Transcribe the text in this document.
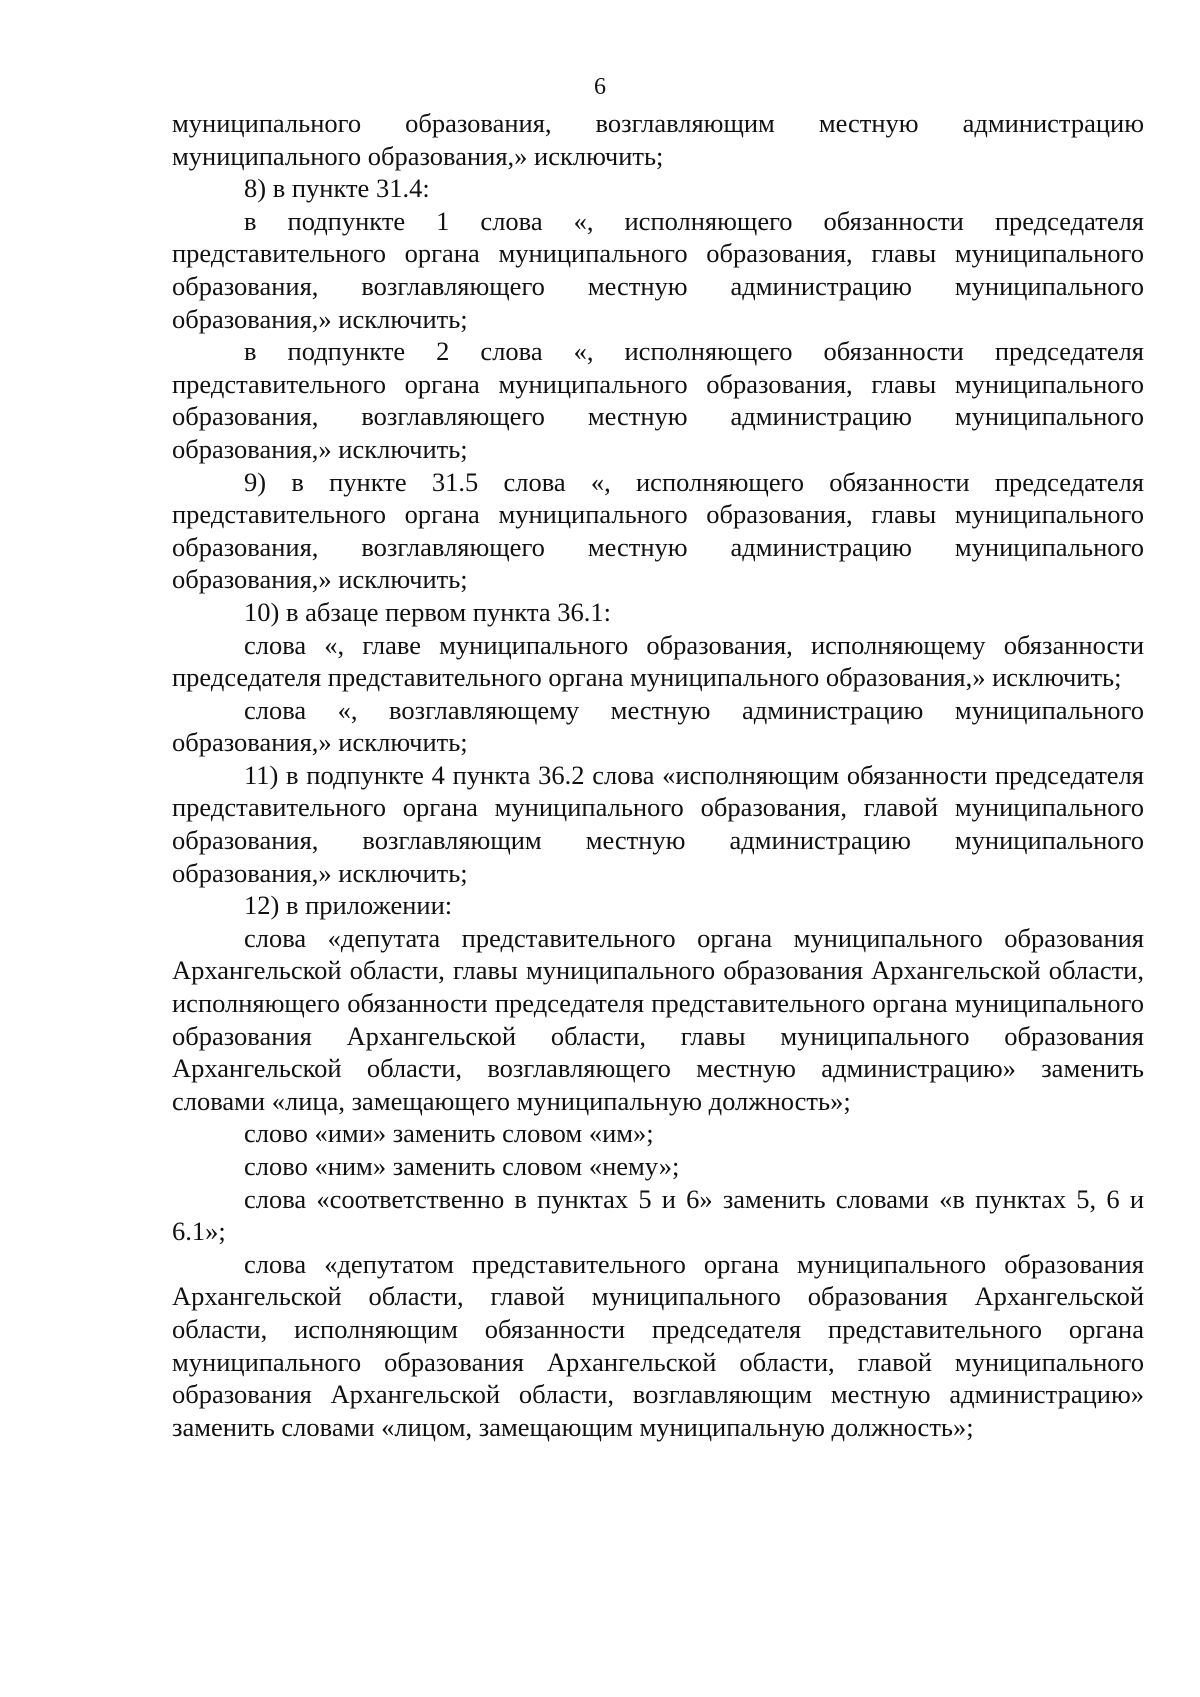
6

муниципального образования, возглавляющим местную администрацию муниципального образования,» исключить;

8) в пункте 31.4:

в подпункте 1 слова «, исполняющего обязанности председателя представительного органа муниципального образования, главы муниципального образования, возглавляющего местную администрацию муниципального образования,» исключить;

в подпункте 2 слова «, исполняющего обязанности председателя представительного органа муниципального образования, главы муниципального образования, возглавляющего местную администрацию муниципального образования,» исключить;

9) в пункте 31.5 слова «, исполняющего обязанности председателя представительного органа муниципального образования, главы муниципального образования, возглавляющего местную администрацию муниципального образования,» исключить;

10) в абзаце первом пункта 36.1:

слова «, главе муниципального образования, исполняющему обязанности председателя представительного органа муниципального образования,» исключить;

слова «, возглавляющему местную администрацию муниципального образования,» исключить;

11) в подпункте 4 пункта 36.2 слова «исполняющим обязанности председателя представительного органа муниципального образования, главой муниципального образования, возглавляющим местную администрацию муниципального образования,» исключить;

12) в приложении:

слова «депутата представительного органа муниципального образования Архангельской области, главы муниципального образования Архангельской области, исполняющего обязанности председателя представительного органа муниципального образования Архангельской области, главы муниципального образования Архангельской области, возглавляющего местную администрацию» заменить словами «лица, замещающего муниципальную должность»;

слово «ими» заменить словом «им»;

слово «ним» заменить словом «нему»;

слова «соответственно в пунктах 5 и 6» заменить словами «в пунктах 5, 6 и 6.1»;

слова «депутатом представительного органа муниципального образования Архангельской области, главой муниципального образования Архангельской области, исполняющим обязанности председателя представительного органа муниципального образования Архангельской области, главой муниципального образования Архангельской области, возглавляющим местную администрацию» заменить словами «лицом, замещающим муниципальную должность»;
